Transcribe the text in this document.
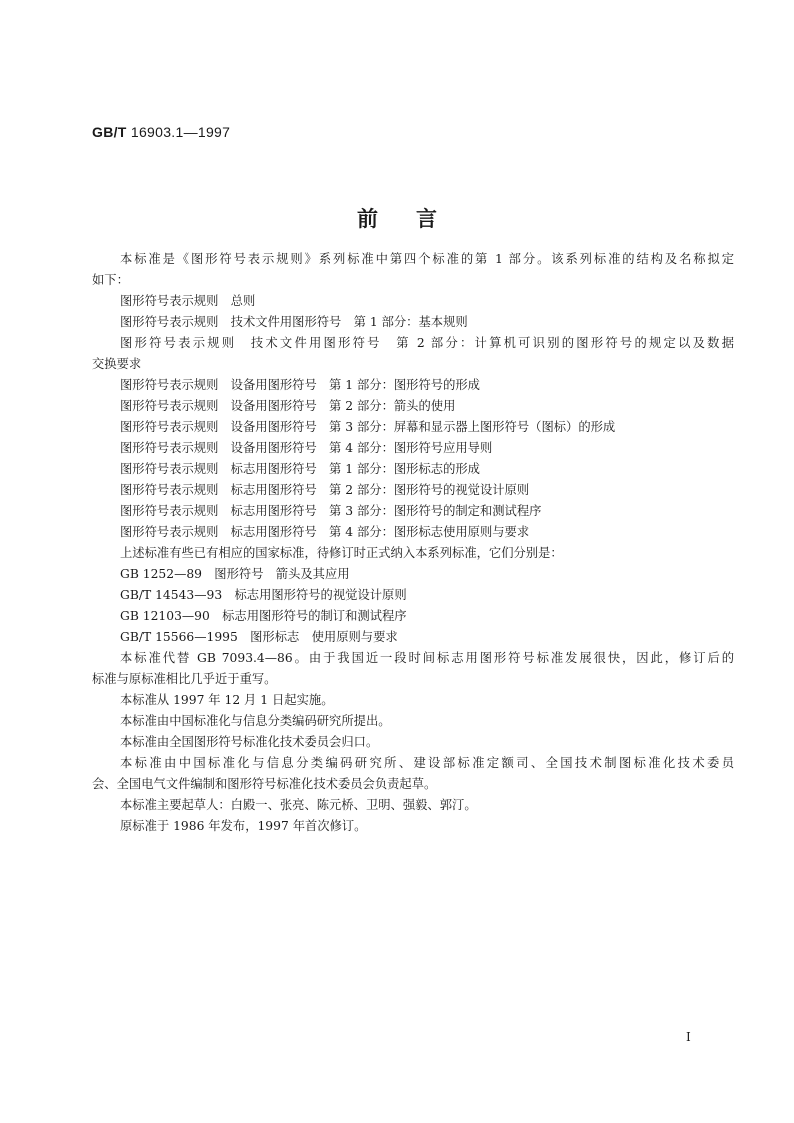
GB/T 16903.1—1997
前言
本标准是《图形符号表示规则》系列标准中第四个标准的第 1 部分。该系列标准的结构及名称拟定
如下：
图形符号表示规则　总则
图形符号表示规则　技术文件用图形符号　第 1 部分：基本规则
图形符号表示规则　技术文件用图形符号　第 2 部分：计算机可识别的图形符号的规定以及数据
交换要求
图形符号表示规则　设备用图形符号　第 1 部分：图形符号的形成
图形符号表示规则　设备用图形符号　第 2 部分：箭头的使用
图形符号表示规则　设备用图形符号　第 3 部分：屏幕和显示器上图形符号（图标）的形成
图形符号表示规则　设备用图形符号　第 4 部分：图形符号应用导则
图形符号表示规则　标志用图形符号　第 1 部分：图形标志的形成
图形符号表示规则　标志用图形符号　第 2 部分：图形符号的视觉设计原则
图形符号表示规则　标志用图形符号　第 3 部分：图形符号的制定和测试程序
图形符号表示规则　标志用图形符号　第 4 部分：图形标志使用原则与要求
上述标准有些已有相应的国家标准，待修订时正式纳入本系列标准，它们分别是：
GB 1252—89　图形符号　箭头及其应用
GB/T 14543—93　标志用图形符号的视觉设计原则
GB 12103—90　标志用图形符号的制订和测试程序
GB/T 15566—1995　图形标志　使用原则与要求
本标准代替 GB 7093.4—86。由于我国近一段时间标志用图形符号标准发展很快，因此，修订后的
标准与原标准相比几乎近于重写。
本标准从 1997 年 12 月 1 日起实施。
本标准由中国标准化与信息分类编码研究所提出。
本标准由全国图形符号标准化技术委员会归口。
本标准由中国标准化与信息分类编码研究所、建设部标准定额司、全国技术制图标准化技术委员
会、全国电气文件编制和图形符号标准化技术委员会负责起草。
本标准主要起草人：白殿一、张亮、陈元桥、卫明、强毅、郭汀。
原标准于 1986 年发布，1997 年首次修订。
I
